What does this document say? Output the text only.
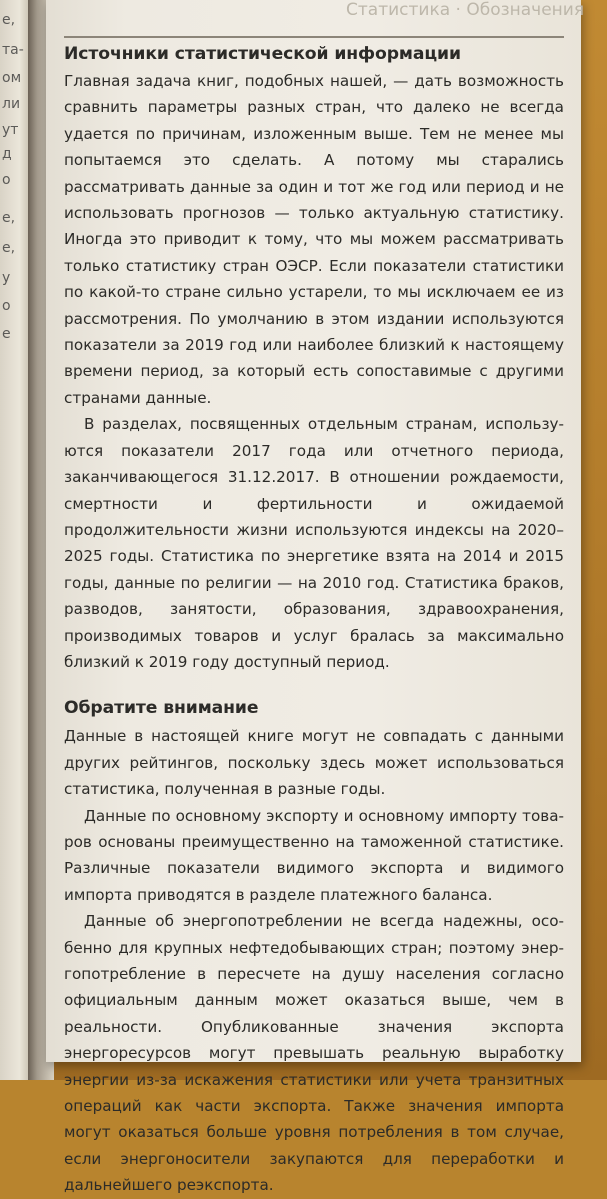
е,
та-
ом
ли
ут
д
о
е,
е,
у
о
е
Статистика · Обозначения
Источники статистической информации

Главная задача книг, подобных нашей, — дать возможность сравнить параметры разных стран, что далеко не всегда удается по причинам, изложенным выше. Тем не менее мы попытаемся это сделать. А потому мы старались рассматривать данные за один и тот же год или период и не использовать прогнозов — только актуальную статистику. Иногда это приводит к тому, что мы можем рассматривать только статистику стран ОЭСР. Если показатели статистики по какой-то стране сильно устарели, то мы исключаем ее из рассмотрения. По умолчанию в этом издании используются показатели за 2019 год или наиболее близкий к настоящему времени период, за который есть сопоставимые с другими странами данные.

В разделах, посвященных отдельным странам, используются показатели 2017 года или отчетного периода, заканчивающегося 31.12.2017. В отношении рождаемости, смертности и фертильности и ожидаемой продолжительности жизни используются индексы на 2020–2025 годы. Статистика по энергетике взята на 2014 и 2015 годы, данные по религии — на 2010 год. Статистика браков, разводов, занятости, образования, здравоохранения, производимых товаров и услуг бралась за максимально близкий к 2019 году доступный период.

Обратите внимание

Данные в настоящей книге могут не совпадать с данными других рейтингов, поскольку здесь может использоваться статистика, полученная в разные годы.

Данные по основному экспорту и основному импорту товаров основаны преимущественно на таможенной статистике. Различные показатели видимого экспорта и видимого импорта приводятся в разделе платежного баланса.

Данные об энергопотреблении не всегда надежны, особенно для крупных нефтедобывающих стран; поэтому энергопотребление в пересчете на душу населения согласно официальным данным может оказаться выше, чем в реальности. Опубликованные значения экспорта энергоресурсов могут превышать реальную выработку энергии из-за искажения статистики или учета транзитных операций как части экспорта. Также значения импорта могут оказаться больше уровня потребления в том случае, если энергоносители закупаются для переработки и дальнейшего реэкспорта.
